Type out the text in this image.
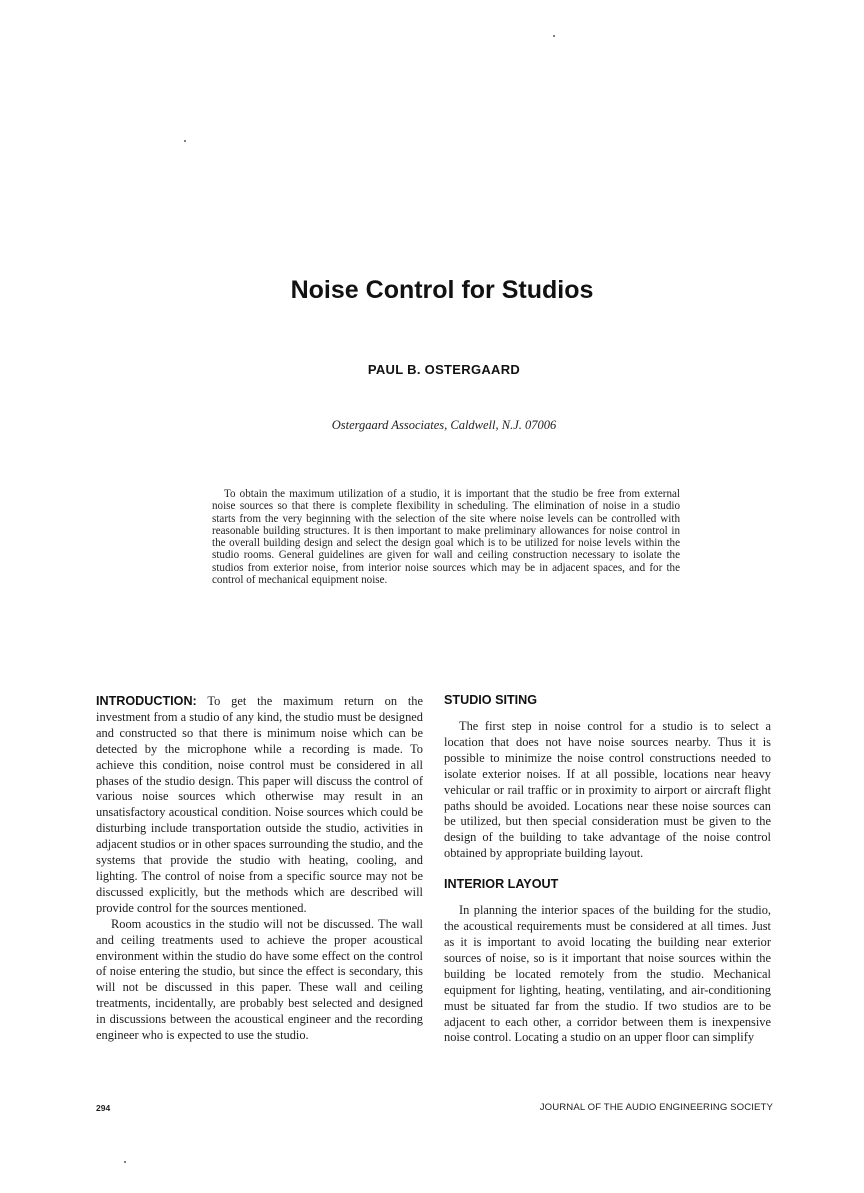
Noise Control for Studios
PAUL B. OSTERGAARD
Ostergaard Associates, Caldwell, N.J. 07006

To obtain the maximum utilization of a studio, it is important that the studio be free from external noise sources so that there is complete flexibility in scheduling. The elimination of noise in a studio starts from the very beginning with the selection of the site where noise levels can be controlled with reasonable building structures. It is then important to make preliminary allowances for noise control in the overall building design and select the design goal which is to be utilized for noise levels within the studio rooms. General guidelines are given for wall and ceiling construction necessary to isolate the studios from exterior noise, from interior noise sources which may be in adjacent spaces, and for the control of mechanical equipment noise.

INTRODUCTION: To get the maximum return on the investment from a studio of any kind, the studio must be designed and constructed so that there is minimum noise which can be detected by the microphone while a recording is made. To achieve this condition, noise control must be considered in all phases of the studio design. This paper will discuss the control of various noise sources which otherwise may result in an unsatisfactory acoustical condition. Noise sources which could be disturbing include transportation outside the studio, activities in adjacent studios or in other spaces surrounding the studio, and the systems that provide the studio with heating, cooling, and lighting. The control of noise from a specific source may not be discussed explicitly, but the methods which are described will provide control for the sources mentioned.

Room acoustics in the studio will not be discussed. The wall and ceiling treatments used to achieve the proper acoustical environment within the studio do have some effect on the control of noise entering the studio, but since the effect is secondary, this will not be discussed in this paper. These wall and ceiling treatments, incidentally, are probably best selected and designed in discussions between the acoustical engineer and the recording engineer who is expected to use the studio.

STUDIO SITING

The first step in noise control for a studio is to select a location that does not have noise sources nearby. Thus it is possible to minimize the noise control constructions needed to isolate exterior noises. If at all possible, locations near heavy vehicular or rail traffic or in proximity to airport or aircraft flight paths should be avoided. Locations near these noise sources can be utilized, but then special consideration must be given to the design of the building to take advantage of the noise control obtained by appropriate building layout.

INTERIOR LAYOUT

In planning the interior spaces of the building for the studio, the acoustical requirements must be considered at all times. Just as it is important to avoid locating the building near exterior sources of noise, so is it important that noise sources within the building be located remotely from the studio. Mechanical equipment for lighting, heating, ventilating, and air-conditioning must be situated far from the studio. If two studios are to be adjacent to each other, a corridor between them is inexpensive noise control. Locating a studio on an upper floor can simplify

294	JOURNAL OF THE AUDIO ENGINEERING SOCIETY
